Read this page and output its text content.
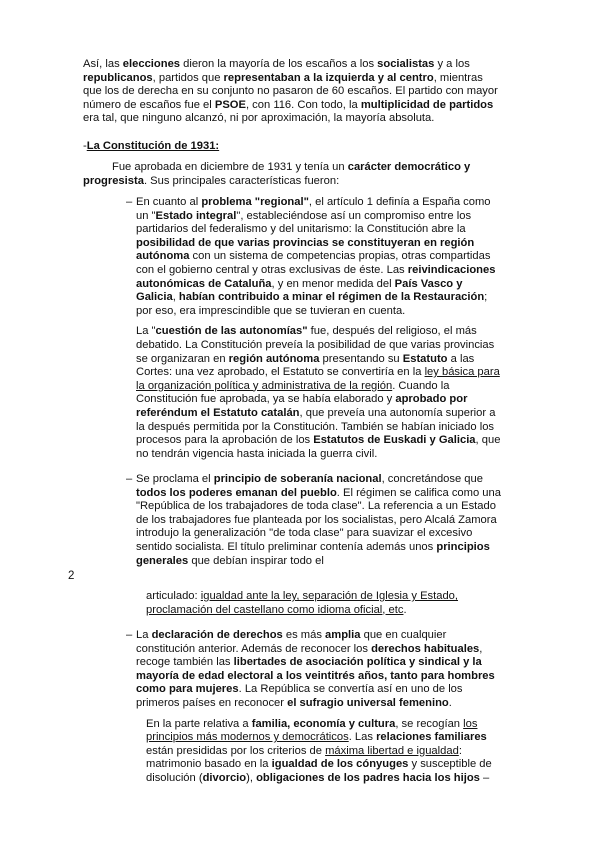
Así, las elecciones dieron la mayoría de los escaños a los socialistas y a los republicanos, partidos que representaban a la izquierda y al centro, mientras que los de derecha en su conjunto no pasaron de 60 escaños. El partido con mayor número de escaños fue el PSOE, con 116. Con todo, la multiplicidad de partidos era tal, que ninguno alcanzó, ni por aproximación, la mayoría absoluta.

-La Constitución de 1931:

Fue aprobada en diciembre de 1931 y tenía un carácter democrático y progresista. Sus principales características fueron:

– En cuanto al problema "regional", el artículo 1 definía a España como un "Estado integral", estableciéndose así un compromiso entre los partidarios del federalismo y del unitarismo: la Constitución abre la posibilidad de que varias provincias se constituyeran en región autónoma con un sistema de competencias propias, otras compartidas con el gobierno central y otras exclusivas de éste. Las reivindicaciones autonómicas de Cataluña, y en menor medida del País Vasco y Galicia, habían contribuido a minar el régimen de la Restauración; por eso, era imprescindible que se tuvieran en cuenta.

La "cuestión de las autonomías" fue, después del religioso, el más debatido. La Constitución preveía la posibilidad de que varias provincias se organizaran en región autónoma presentando su Estatuto a las Cortes: una vez aprobado, el Estatuto se convertiría en la ley básica para la organización política y administrativa de la región. Cuando la Constitución fue aprobada, ya se había elaborado y aprobado por referéndum el Estatuto catalán, que preveía una autonomía superior a la después permitida por la Constitución. También se habían iniciado los procesos para la aprobación de los Estatutos de Euskadi y Galicia, que no tendrán vigencia hasta iniciada la guerra civil.

– Se proclama el principio de soberanía nacional, concretándose que todos los poderes emanan del pueblo. El régimen se califica como una "República de los trabajadores de toda clase". La referencia a un Estado de los trabajadores fue planteada por los socialistas, pero Alcalá Zamora introdujo la generalización "de toda clase" para suavizar el excesivo sentido socialista. El título preliminar contenía además unos principios generales que debían inspirar todo el

2

articulado: igualdad ante la ley, separación de Iglesia y Estado, proclamación del castellano como idioma oficial, etc.

– La declaración de derechos es más amplia que en cualquier constitución anterior. Además de reconocer los derechos habituales, recoge también las libertades de asociación política y sindical y la mayoría de edad electoral a los veintitrés años, tanto para hombres como para mujeres. La República se convertía así en uno de los primeros países en reconocer el sufragio universal femenino.

En la parte relativa a familia, economía y cultura, se recogían los principios más modernos y democráticos. Las relaciones familiares están presididas por los criterios de máxima libertad e igualdad: matrimonio basado en la igualdad de los cónyuges y susceptible de disolución (divorcio), obligaciones de los padres hacia los hijos –
